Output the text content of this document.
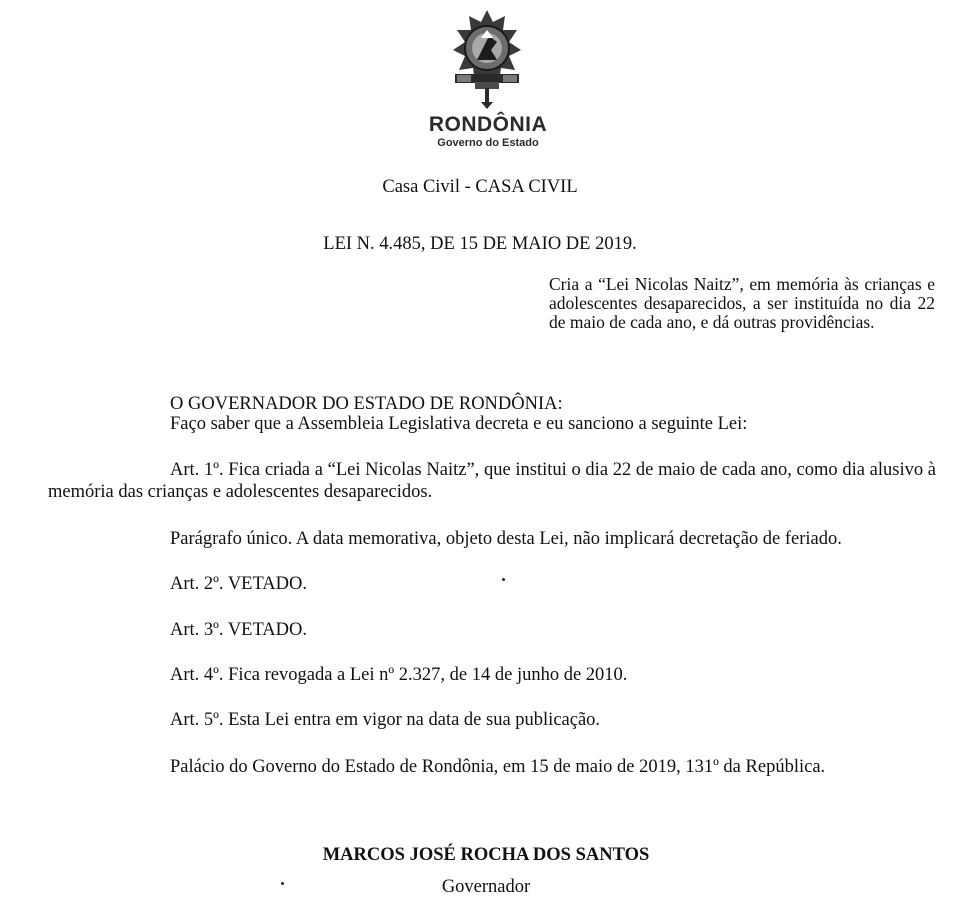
RONDÔNIA
Governo do Estado
Casa Civil - CASA CIVIL
LEI N. 4.485, DE 15 DE MAIO DE 2019.
Cria a “Lei Nicolas Naitz”, em memória às crianças e adolescentes desaparecidos, a ser instituída no dia 22 de maio de cada ano, e dá outras providências.
O GOVERNADOR DO ESTADO DE RONDÔNIA:
Faço saber que a Assembleia Legislativa decreta e eu sanciono a seguinte Lei:
Art. 1º. Fica criada a “Lei Nicolas Naitz”, que institui o dia 22 de maio de cada ano, como dia alusivo à memória das crianças e adolescentes desaparecidos.
Parágrafo único. A data memorativa, objeto desta Lei, não implicará decretação de feriado.
Art. 2º. VETADO.
Art. 3º. VETADO.
Art. 4º. Fica revogada a Lei nº 2.327, de 14 de junho de 2010.
Art. 5º. Esta Lei entra em vigor na data de sua publicação.
Palácio do Governo do Estado de Rondônia, em 15 de maio de 2019, 131º da República.
MARCOS JOSÉ ROCHA DOS SANTOS
Governador
